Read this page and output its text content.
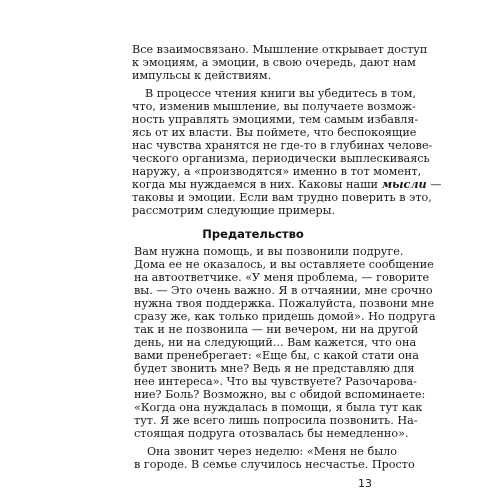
Все взаимосвязано. Мышление открывает доступ

к эмоциям, а эмоции, в свою очередь, дают нам

импульсы к действиям.

В процессе чтения книги вы убедитесь в том,

что, изменив мышление, вы получаете возмож-

ность управлять эмоциями, тем самым избавля-

ясь от их власти. Вы поймете, что беспокоящие

нас чувства хранятся не где-то в глубинах челове-

ческого организма, периодически выплескиваясь

наружу, а «производятся» именно в тот момент,

когда мы нуждаемся в них. Каковы наши мысли —

таковы и эмоции. Если вам трудно поверить в это,

рассмотрим следующие примеры.

Предательство

Вам нужна помощь, и вы позвонили подруге.

Дома ее не оказалось, и вы оставляете сообщение

на автоответчике. «У меня проблема, — говорите

вы. — Это очень важно. Я в отчаянии, мне срочно

нужна твоя поддержка. Пожалуйста, позвони мне

сразу же, как только придешь домой». Но подруга

так и не позвонила — ни вечером, ни на другой

день, ни на следующий... Вам кажется, что она

вами пренебрегает: «Еще бы, с какой стати она

будет звонить мне? Ведь я не представляю для

нее интереса». Что вы чувствуете? Разочарова-

ние? Боль? Возможно, вы с обидой вспоминаете:

«Когда она нуждалась в помощи, я была тут как

тут. Я же всего лишь попросила позвонить. На-

стоящая подруга отозвалась бы немедленно».

Она звонит через неделю: «Меня не было

в городе. В семье случилось несчастье. Просто

13
